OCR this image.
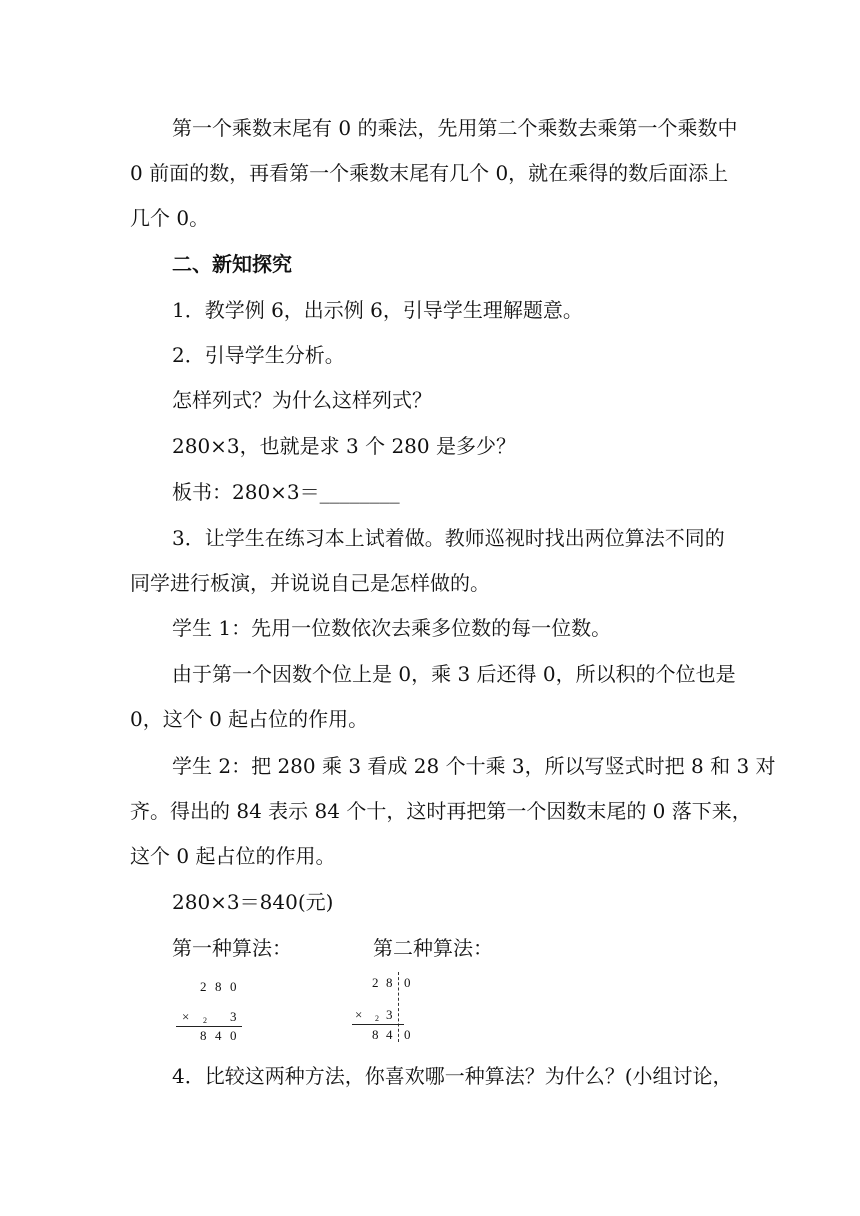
第一个乘数末尾有 0 的乘法，先用第二个乘数去乘第一个乘数中
0 前面的数，再看第一个乘数末尾有几个 0，就在乘得的数后面添上
几个 0。
二、新知探究
1．教学例 6，出示例 6，引导学生理解题意。
2．引导学生分析。
怎样列式？为什么这样列式？
280×3，也就是求 3 个 280 是多少？
板书：280×3＝________
3．让学生在练习本上试着做。教师巡视时找出两位算法不同的
同学进行板演，并说说自己是怎样做的。
学生 1：先用一位数依次去乘多位数的每一位数。
由于第一个因数个位上是 0，乘 3 后还得 0，所以积的个位也是
0，这个 0 起占位的作用。
学生 2：把 280 乘 3 看成 28 个十乘 3，所以写竖式时把 8 和 3 对
齐。得出的 84 表示 84 个十，这时再把第一个因数末尾的 0 落下来，
这个 0 起占位的作用。
280×3＝840(元)
第一种算法：	第二种算法：
2 8 0
× 2 3
8 4 0
2 8 0
× 2 3
8 4 0
4．比较这两种方法，你喜欢哪一种算法？为什么？(小组讨论，
